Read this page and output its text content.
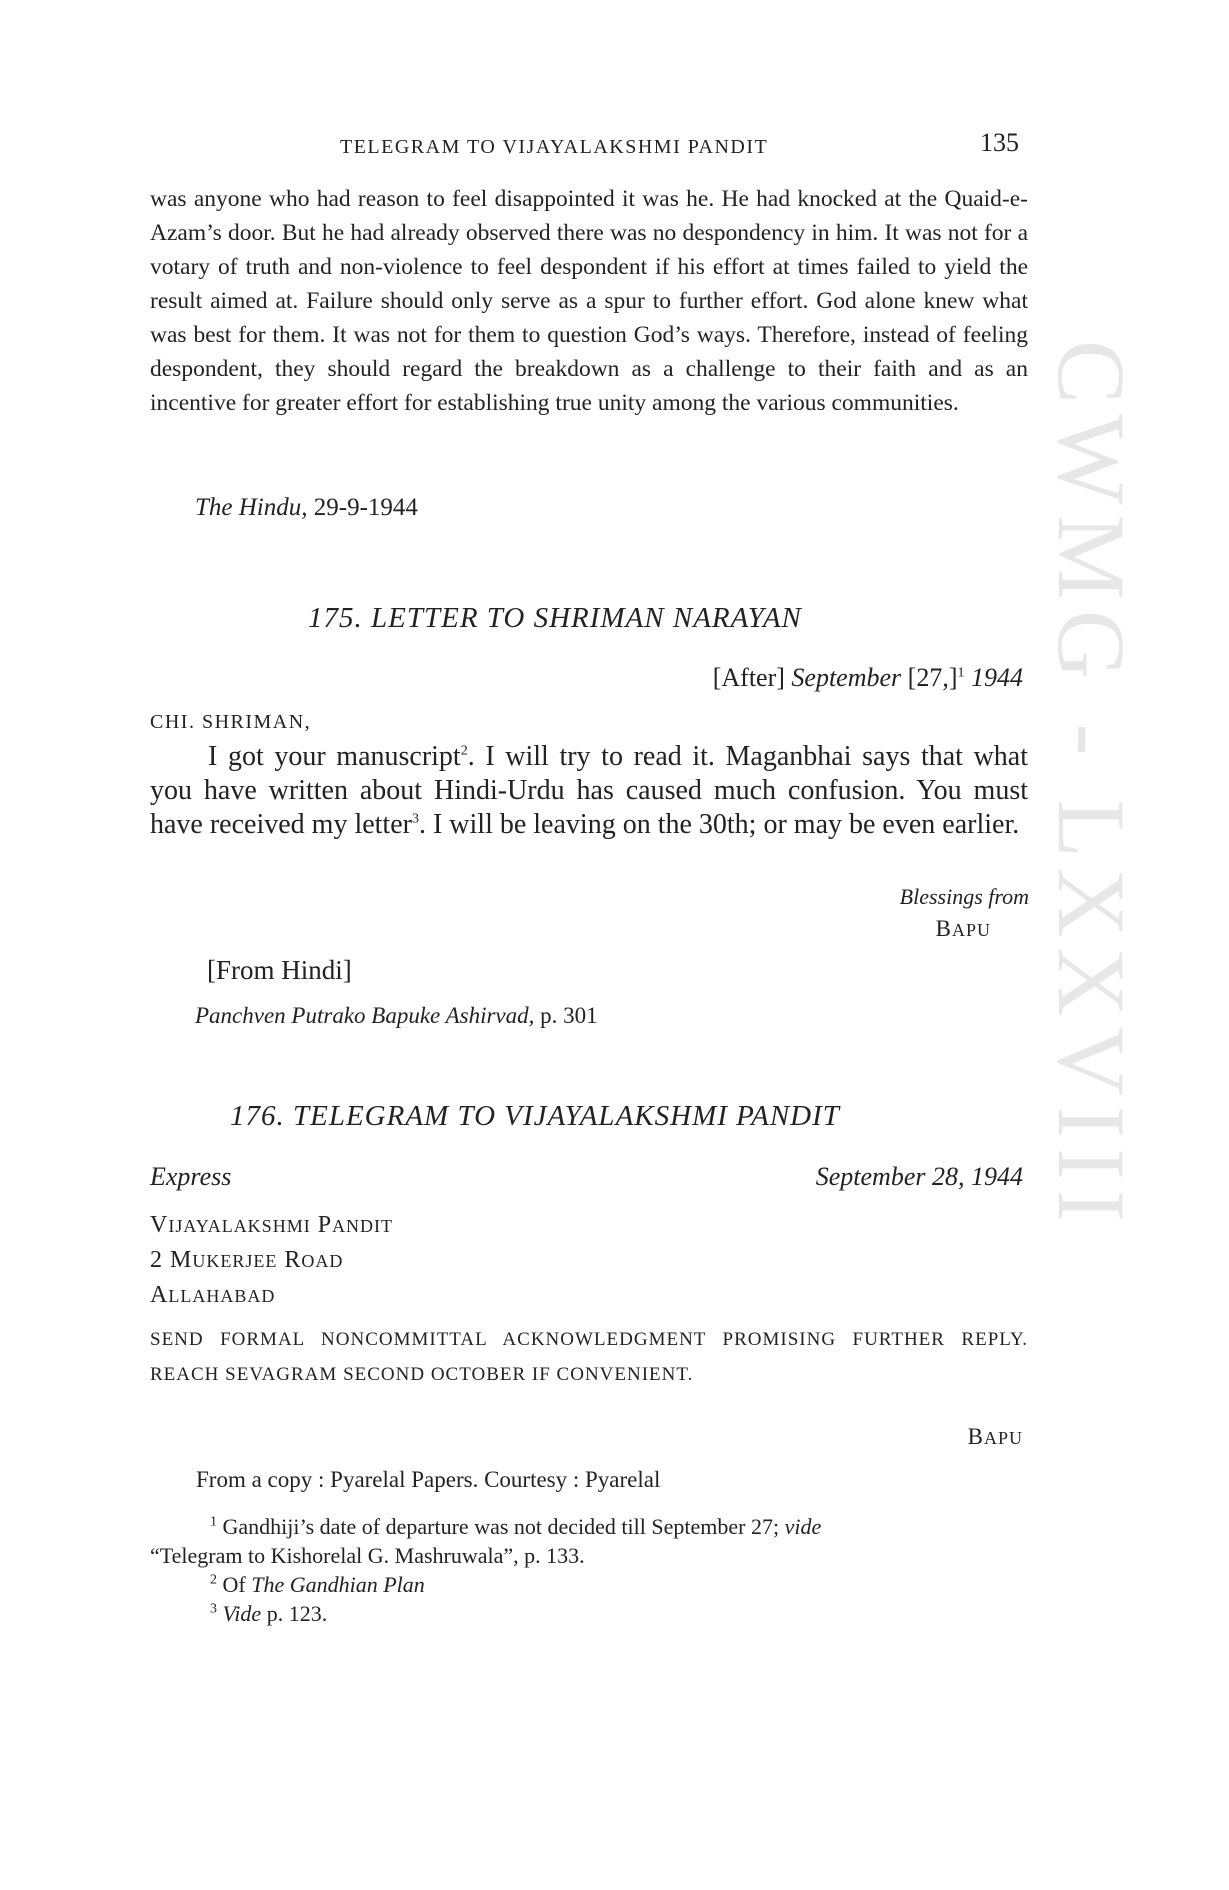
CWMG - LXXVIII
TELEGRAM TO VIJAYALAKSHMI PANDIT	135
was anyone who had reason to feel disappointed it was he. He had knocked at the Quaid-e-Azam’s door. But he had already observed there was no despondency in him. It was not for a votary of truth and non-violence to feel despondent if his effort at times failed to yield the result aimed at. Failure should only serve as a spur to further effort. God alone knew what was best for them. It was not for them to question God’s ways. Therefore, instead of feeling despondent, they should regard the breakdown as a challenge to their faith and as an incentive for greater effort for establishing true unity among the various communities.
The Hindu, 29-9-1944
175. LETTER TO SHRIMAN NARAYAN
[After] September $[27,]^1$ 1944
CHI. SHRIMAN,
I got your manuscript$^2$. I will try to read it. Maganbhai says that what you have written about Hindi-Urdu has caused much confusion. You must have received my letter$^3$. I will be leaving on the 30th; or may be even earlier.
Blessings from
BAPU
[From Hindi]
Panchven Putrako Bapuke Ashirvad, p. 301
176. TELEGRAM TO VIJAYALAKSHMI PANDIT
Express	September 28, 1944
VIJAYALAKSHMI PANDIT
2 MUKERJEE ROAD
ALLAHABAD
SEND FORMAL NONCOMMITTAL ACKNOWLEDGMENT PROMISING FURTHER REPLY. REACH SEVAGRAM SECOND OCTOBER IF CONVENIENT.
BAPU
From a copy : Pyarelal Papers. Courtesy : Pyarelal
$^1$ Gandhiji’s date of departure was not decided till September 27; vide
“Telegram to Kishorelal G. Mashruwala”, p. 133.
$^2$ Of The Gandhian Plan
$^3$ Vide p. 123.
